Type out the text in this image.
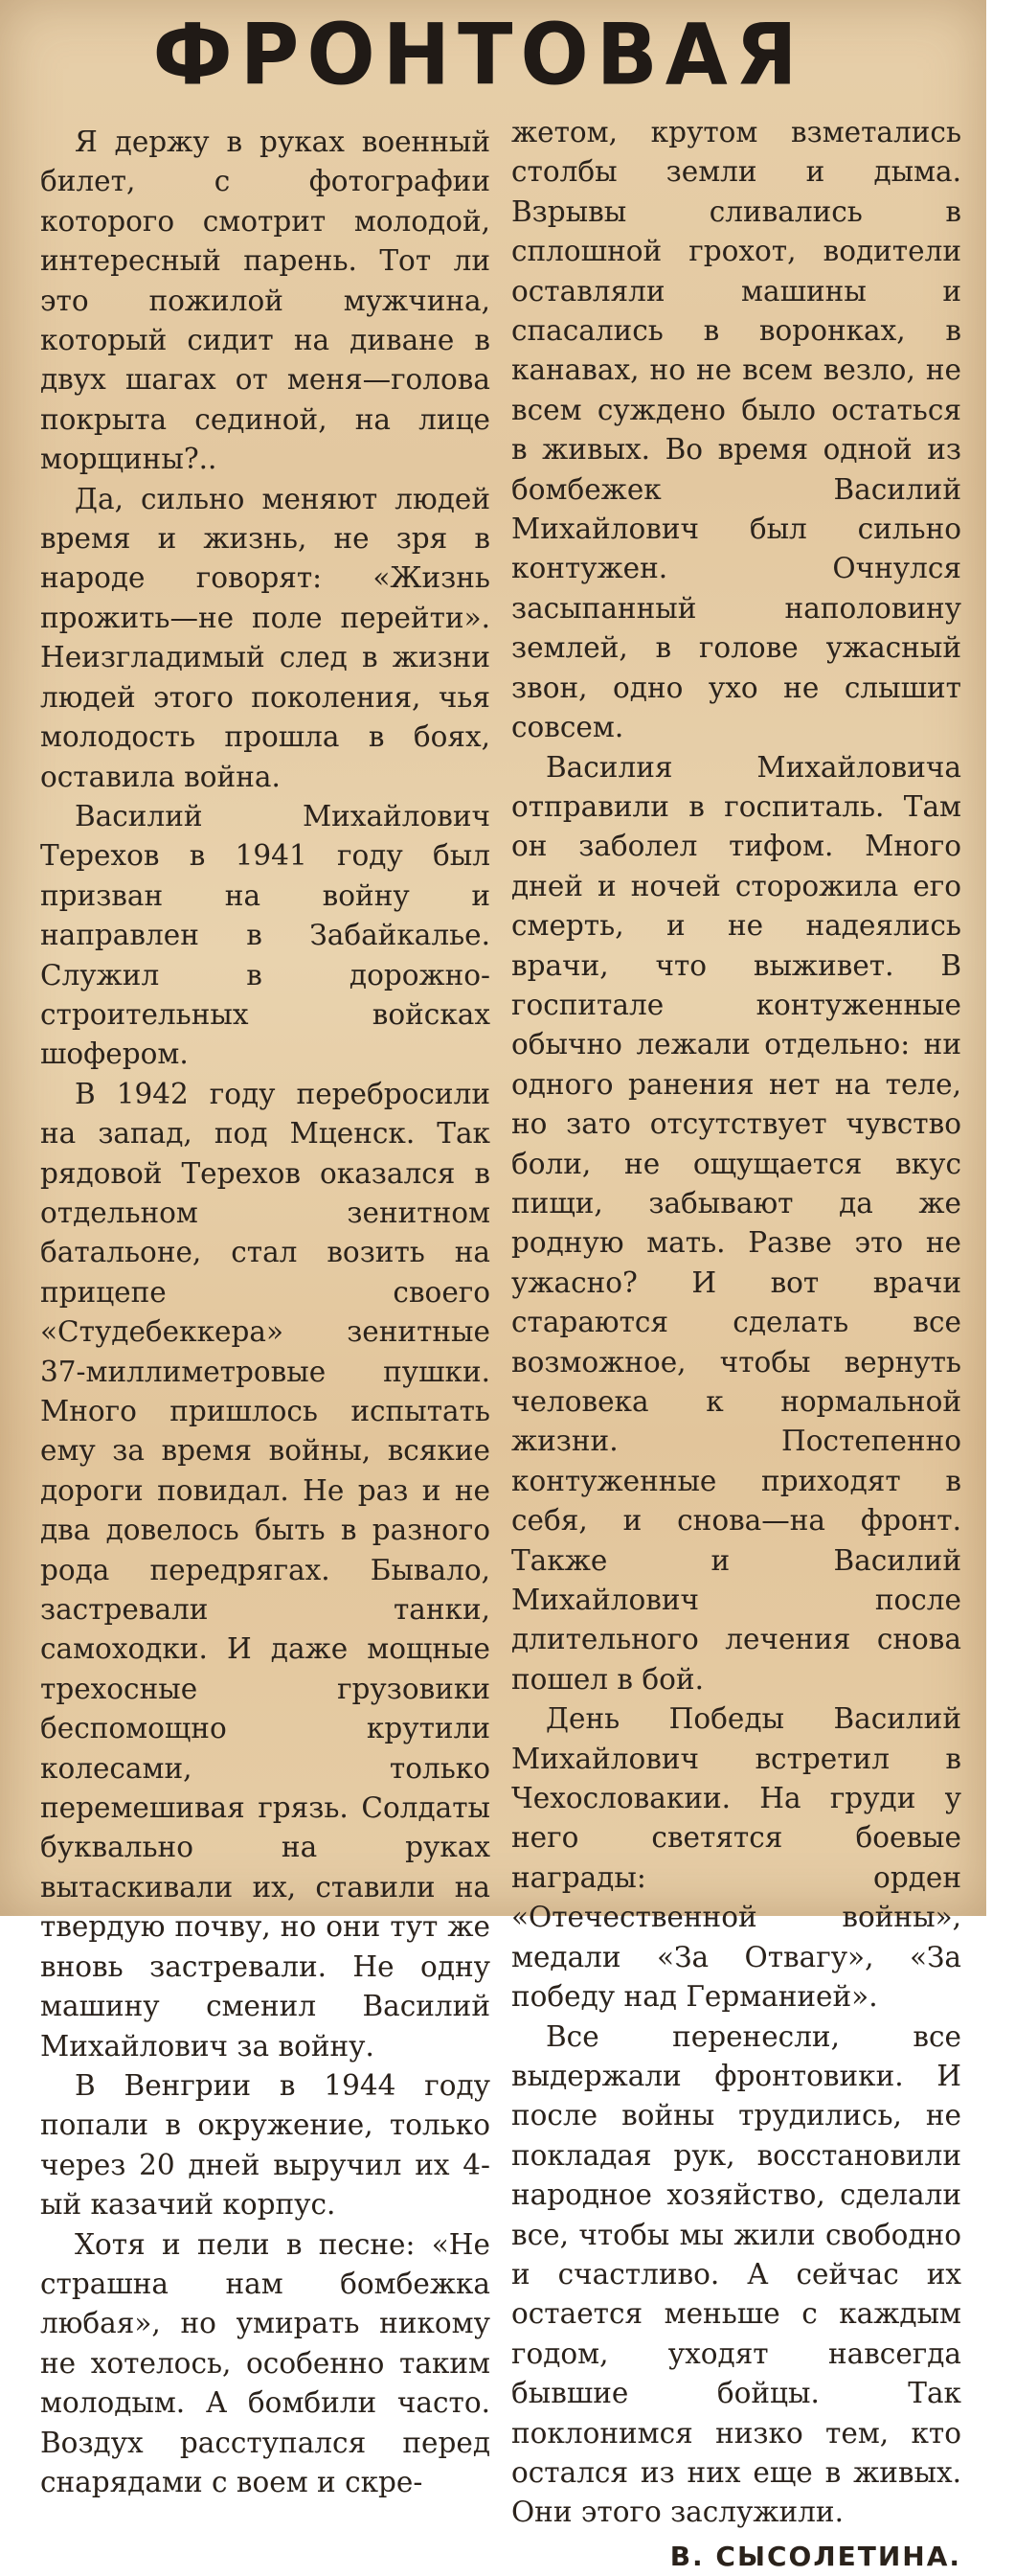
ФРОНТОВАЯ

Я держу в руках военный билет, с фотографии которого смотрит молодой, интересный парень. Тот ли это пожилой мужчина, который сидит на диване в двух шагах от меня—голова покрыта сединой, на лице морщины?..

Да, сильно меняют людей время и жизнь, не зря в народе говорят: «Жизнь прожить—не поле перейти». Неизгладимый след в жизни людей этого поколения, чья молодость прошла в боях, оставила война.

Василий Михайлович Терехов в 1941 году был призван на войну и направлен в Забайкалье. Служил в дорожно-строительных войсках шофером.

В 1942 году перебросили на запад, под Мценск. Так рядовой Терехов оказался в отдельном зенитном батальоне, стал возить на прицепе своего «Студебеккера» зенитные 37-миллиметровые пушки. Много пришлось испытать ему за время войны, всякие дороги повидал. Не раз и не два довелось быть в разного рода передрягах. Бывало, застревали танки, самоходки. И даже мощные трехосные грузовики беспомощно крутили колесами, только перемешивая грязь. Солдаты буквально на руках вытаскивали их, ставили на твердую почву, но они тут же вновь застревали. Не одну машину сменил Василий Михайлович за войну.

В Венгрии в 1944 году попали в окружение, только через 20 дней выручил их 4-ый казачий корпус.

Хотя и пели в песне: «Не страшна нам бомбежка любая», но умирать никому не хотелось, особенно таким молодым. А бомбили часто. Воздух расступался перед снарядами с воем и скре-

жетом, крутом взметались столбы земли и дыма. Взрывы сливались в сплошной грохот, водители оставляли машины и спасались в воронках, в канавах, но не всем везло, не всем суждено было остаться в живых. Во время одной из бомбежек Василий Михайлович был сильно контужен. Очнулся засыпанный наполовину землей, в голове ужасный звон, одно ухо не слышит совсем.

Василия Михайловича отправили в госпиталь. Там он заболел тифом. Много дней и ночей сторожила его смерть, и не надеялись врачи, что выживет. В госпитале контуженные обычно лежали отдельно: ни одного ранения нет на теле, но зато отсутствует чувство боли, не ощущается вкус пищи, забывают да же родную мать. Разве это не ужасно? И вот врачи стараются сделать все возможное, чтобы вернуть человека к нормальной жизни. Постепенно контуженные приходят в себя, и снова—на фронт. Также и Василий Михайлович после длительного лечения снова пошел в бой.

День Победы Василий Михайлович встретил в Чехословакии. На груди у него светятся боевые награды: орден «Отечественной войны», медали «За Отвагу», «За победу над Германией».

Все перенесли, все выдержали фронтовики. И после войны трудились, не покладая рук, восстановили народное хозяйство, сделали все, чтобы мы жили свободно и счастливо. А сейчас их остается меньше с каждым годом, уходят навсегда бывшие бойцы. Так поклонимся низко тем, кто остался из них еще в живых. Они этого заслужили.

В. СЫСОЛЕТИНА.
